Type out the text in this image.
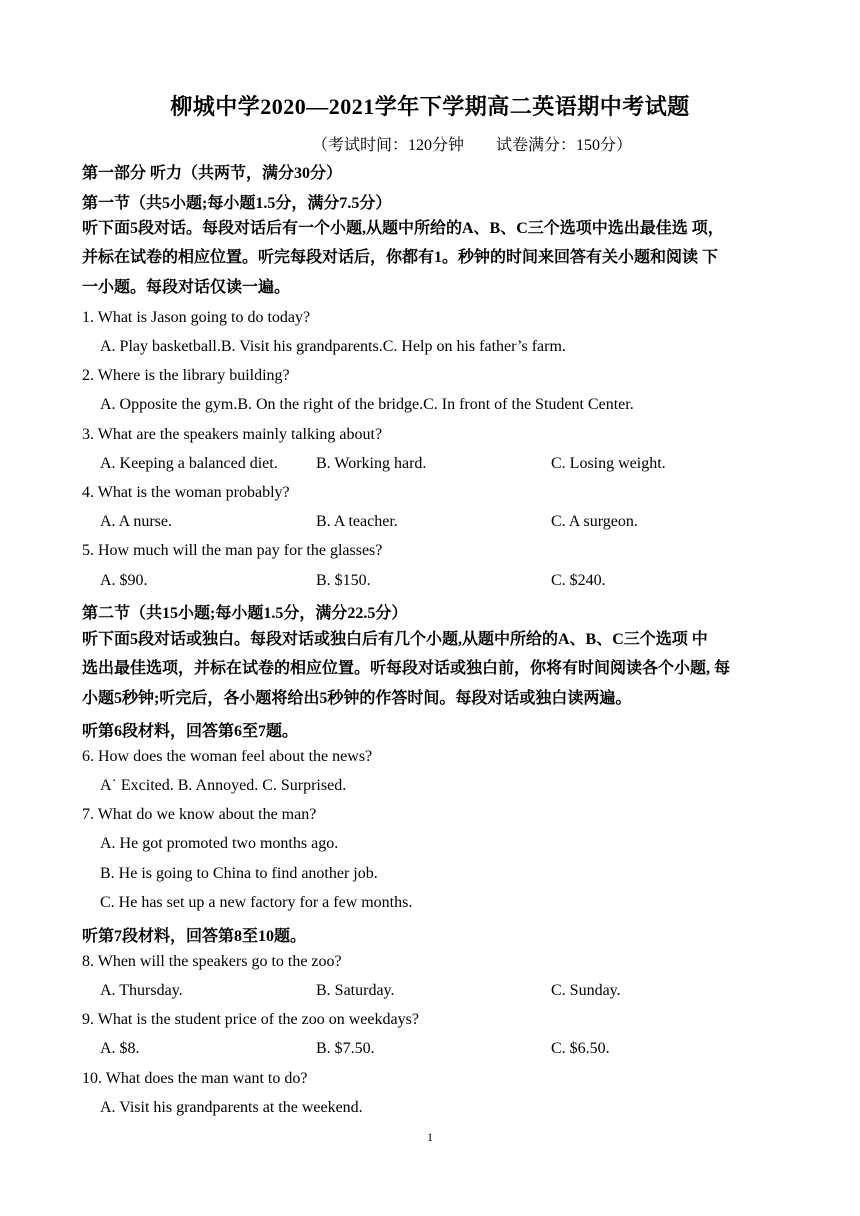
柳城中学2020—2021学年下学期高二英语期中考试题
（考试时间：120分钟　　试卷满分：150分）
第一部分 听力（共两节，满分30分）
第一节（共5小题;每小题1.5分，满分7.5分）
听下面5段对话。每段对话后有一个小题,从题中所给的A、B、C三个选项中选出最佳选 项，
并标在试卷的相应位置。听完每段对话后，你都有1。秒钟的时间来回答有关小题和阅读 下
一小题。每段对话仅读一遍。
1. What is Jason going to do today?
A. Play basketball.B. Visit his grandparents.C. Help on his father’s farm.
2. Where is the library building?
A. Opposite the gym.B. On the right of the bridge.C. In front of the Student Center.
3. What are the speakers mainly talking about?
A. Keeping a balanced diet. B. Working hard.	C. Losing weight.
4. What is the woman probably?
A. A nurse.	B. A teacher.	C. A surgeon.
5. How much will the man pay for the glasses?
A. $90.	B. $150.	C. $240.
第二节（共15小题;每小题1.5分，满分22.5分）
听下面5段对话或独白。每段对话或独白后有几个小题,从题中所给的A、B、C三个选项 中
选出最佳选项，并标在试卷的相应位置。听每段对话或独白前，你将有时间阅读各个小题, 每
小题5秒钟;听完后，各小题将给出5秒钟的作答时间。每段对话或独白读两遍。
听第6段材料，回答第6至7题。
6. How does the woman feel about the news?
A˙ Excited. B. Annoyed. C. Surprised.
7. What do we know about the man?
A. He got promoted two months ago.
B. He is going to China to find another job.
C. He has set up a new factory for a few months.
听第7段材料，回答第8至10题。
8. When will the speakers go to the zoo?
A. Thursday.	B. Saturday.	C. Sunday.
9. What is the student price of the zoo on weekdays?
A. $8.	B. $7.50.	C. $6.50.
10. What does the man want to do?
A. Visit his grandparents at the weekend.
1
